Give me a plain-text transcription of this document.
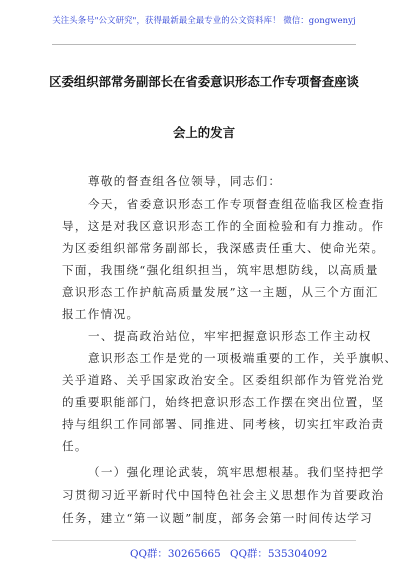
关注头条号"公文研究"，获得最新最全最专业的公文资料库！ 微信：gongwenyj
区委组织部常务副部长在省委意识形态工作专项督查座谈
会上的发言
尊敬的督查组各位领导，同志们：
今天，省委意识形态工作专项督查组莅临我区检查指
导，这是对我区意识形态工作的全面检验和有力推动。作
为区委组织部常务副部长，我深感责任重大、使命光荣。
下面，我围绕“强化组织担当，筑牢思想防线，以高质量
意识形态工作护航高质量发展”这一主题，从三个方面汇
报工作情况。
一、提高政治站位，牢牢把握意识形态工作主动权
意识形态工作是党的一项极端重要的工作，关乎旗帜、
关乎道路、关乎国家政治安全。区委组织部作为管党治党
的重要职能部门，始终把意识形态工作摆在突出位置，坚
持与组织工作同部署、同推进、同考核，切实扛牢政治责
任。
（一）强化理论武装，筑牢思想根基。我们坚持把学
习贯彻习近平新时代中国特色社会主义思想作为首要政治
任务，建立“第一议题”制度，部务会第一时间传达学习
QQ群：30265665 QQ群：535304092
